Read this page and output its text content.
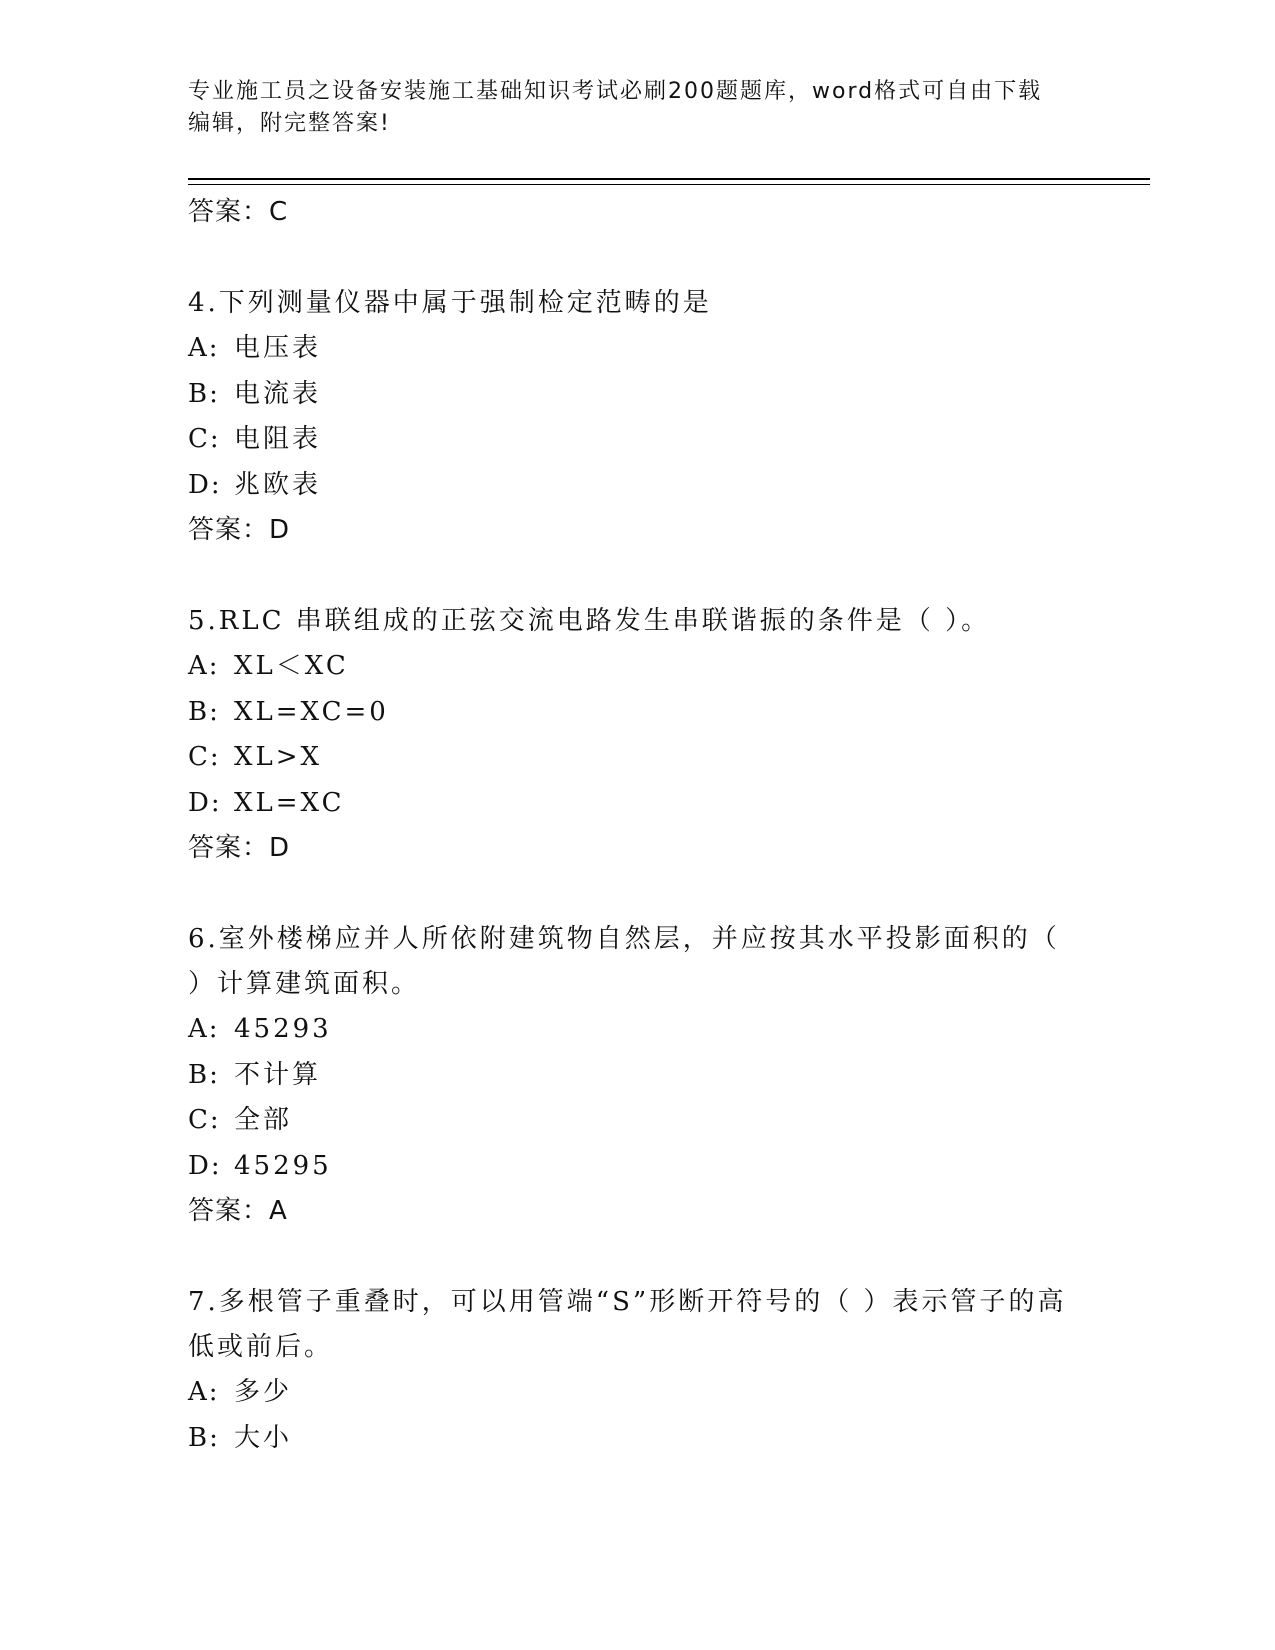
专业施工员之设备安装施工基础知识考试必刷200题题库，word格式可自由下载
编辑，附完整答案!

答案：C

4.下列测量仪器中属于强制检定范畴的是

A: 电压表
B: 电流表
C: 电阻表
D: 兆欧表

答案：D

5.RLC 串联组成的正弦交流电路发生串联谐振的条件是（ ）。

A: XL＜XC
B: XL=XC=0
C: XL>X
D: XL=XC

答案：D

6.室外楼梯应并人所依附建筑物自然层，并应按其水平投影面积的（ ）计算建筑面积。

A: 45293
B: 不计算
C: 全部
D: 45295

答案：A

7.多根管子重叠时，可以用管端“S”形断开符号的（ ）表示管子的高低或前后。

A: 多少
B: 大小
